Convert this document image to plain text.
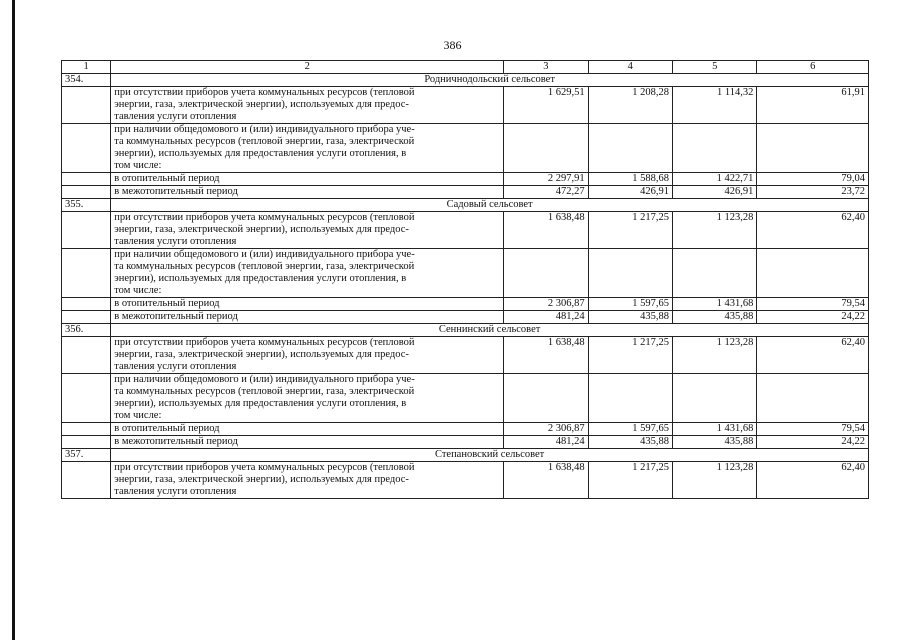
386
1	2	3	4	5	6
354.	Родничнодольский сельсовет				
	при отсутствии приборов учета коммунальных ресурсов (тепловой
энергии, газа, электрической энергии), используемых для предос-
тавления услуги отопления	1 629,51	1 208,28	1 114,32	61,91
	при наличии общедомового и (или) индивидуального прибора уче-
та коммунальных ресурсов (тепловой энергии, газа, электрической
энергии), используемых для предоставления услуги отопления, в
том числе:				
	в отопительный период	2 297,91	1 588,68	1 422,71	79,04
	в межотопительный период	472,27	426,91	426,91	23,72
355.	Садовый сельсовет				
	при отсутствии приборов учета коммунальных ресурсов (тепловой
энергии, газа, электрической энергии), используемых для предос-
тавления услуги отопления	1 638,48	1 217,25	1 123,28	62,40
	при наличии общедомового и (или) индивидуального прибора уче-
та коммунальных ресурсов (тепловой энергии, газа, электрической
энергии), используемых для предоставления услуги отопления, в
том числе:				
	в отопительный период	2 306,87	1 597,65	1 431,68	79,54
	в межотопительный период	481,24	435,88	435,88	24,22
356.	Сеннинский сельсовет				
	при отсутствии приборов учета коммунальных ресурсов (тепловой
энергии, газа, электрической энергии), используемых для предос-
тавления услуги отопления	1 638,48	1 217,25	1 123,28	62,40
	при наличии общедомового и (или) индивидуального прибора уче-
та коммунальных ресурсов (тепловой энергии, газа, электрической
энергии), используемых для предоставления услуги отопления, в
том числе:				
	в отопительный период	2 306,87	1 597,65	1 431,68	79,54
	в межотопительный период	481,24	435,88	435,88	24,22
357.	Степановский сельсовет				
	при отсутствии приборов учета коммунальных ресурсов (тепловой
энергии, газа, электрической энергии), используемых для предос-
тавления услуги отопления	1 638,48	1 217,25	1 123,28	62,40
